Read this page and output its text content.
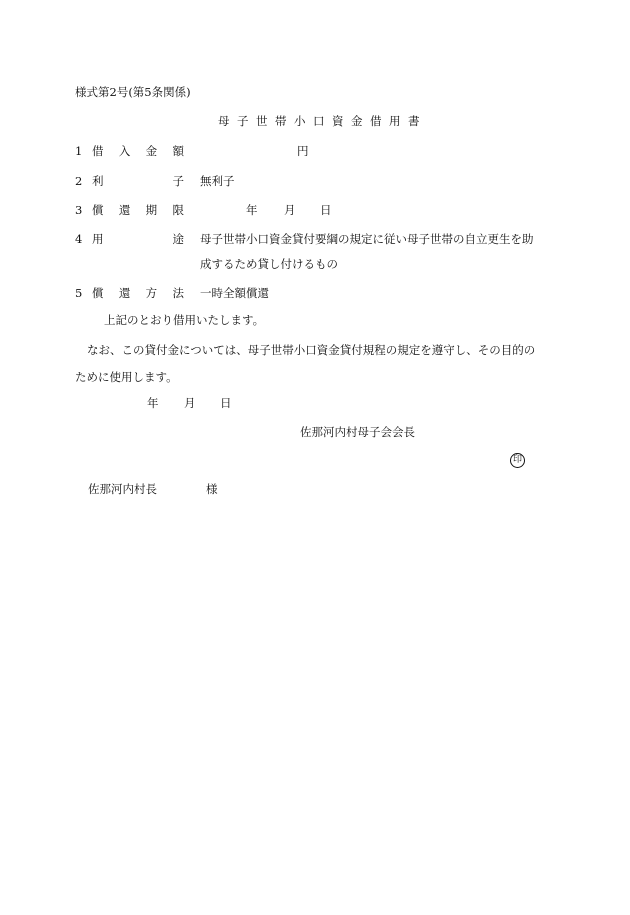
様式第2号(第5条関係)
母子世帯小口資金借用書
1 借 入 金 額	円
2 利	子 無利子
3 償 還 期 限	年 月 日
4 用	途 母子世帯小口資金貸付要綱の規定に従い母子世帯の自立更生を助
成するため貸し付けるもの
5 償 還 方 法 一時全額償還
上記のとおり借用いたします。
なお、この貸付金については、母子世帯小口資金貸付規程の規定を遵守し、その目的の
ために使用します。
年 月 日
佐那河内村母子会会長
印
佐那河内村長	様
